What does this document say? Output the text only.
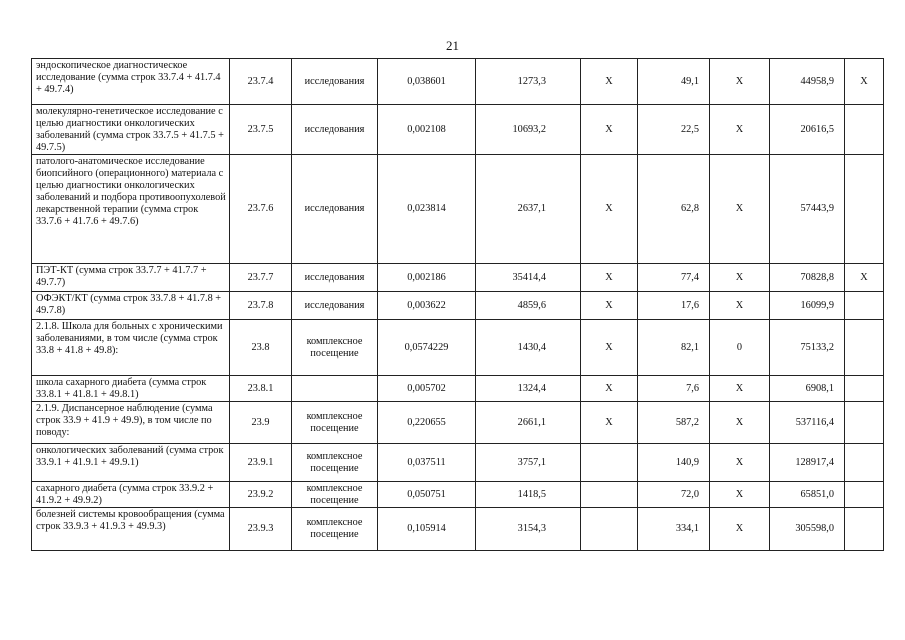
21
эндоскопическое диагностическое исследование (сумма строк 33.7.4 + 41.7.4 + 49.7.4)	23.7.4	исследования	0,038601	1273,3	Х	49,1	Х	44958,9	Х
молекулярно-генетическое исследование с целью диагностики онкологических заболеваний (сумма строк 33.7.5 + 41.7.5 + 49.7.5)	23.7.5	исследования	0,002108	10693,2	Х	22,5	Х	20616,5	
патолого-анатомическое исследование биопсийного (операционного) материала с целью диагностики онкологических заболеваний и подбора противоопухолевой лекарственной терапии (сумма строк 33.7.6 + 41.7.6 + 49.7.6)	23.7.6	исследования	0,023814	2637,1	Х	62,8	Х	57443,9	
ПЭТ-КТ (сумма строк 33.7.7 + 41.7.7 + 49.7.7)	23.7.7	исследования	0,002186	35414,4	Х	77,4	Х	70828,8	Х
ОФЭКТ/КТ (сумма строк 33.7.8 + 41.7.8 + 49.7.8)	23.7.8	исследования	0,003622	4859,6	Х	17,6	Х	16099,9	
2.1.8. Школа для больных с хроническими заболеваниями, в том числе (сумма строк 33.8 + 41.8 + 49.8):	23.8	комплексное посещение	0,0574229	1430,4	Х	82,1	0	75133,2	
школа сахарного диабета (сумма строк 33.8.1 + 41.8.1 + 49.8.1)	23.8.1		0,005702	1324,4	Х	7,6	Х	6908,1	
2.1.9. Диспансерное наблюдение (сумма строк 33.9 + 41.9 + 49.9), в том числе по поводу:	23.9	комплексное посещение	0,220655	2661,1	Х	587,2	Х	537116,4	
онкологических заболеваний (сумма строк 33.9.1 + 41.9.1 + 49.9.1)	23.9.1	комплексное посещение	0,037511	3757,1		140,9	Х	128917,4	
сахарного диабета (сумма строк 33.9.2 + 41.9.2 + 49.9.2)	23.9.2	комплексное посещение	0,050751	1418,5		72,0	Х	65851,0	
болезней системы кровообращения (сумма строк 33.9.3 + 41.9.3 + 49.9.3)	23.9.3	комплексное посещение	0,105914	3154,3		334,1	Х	305598,0	
